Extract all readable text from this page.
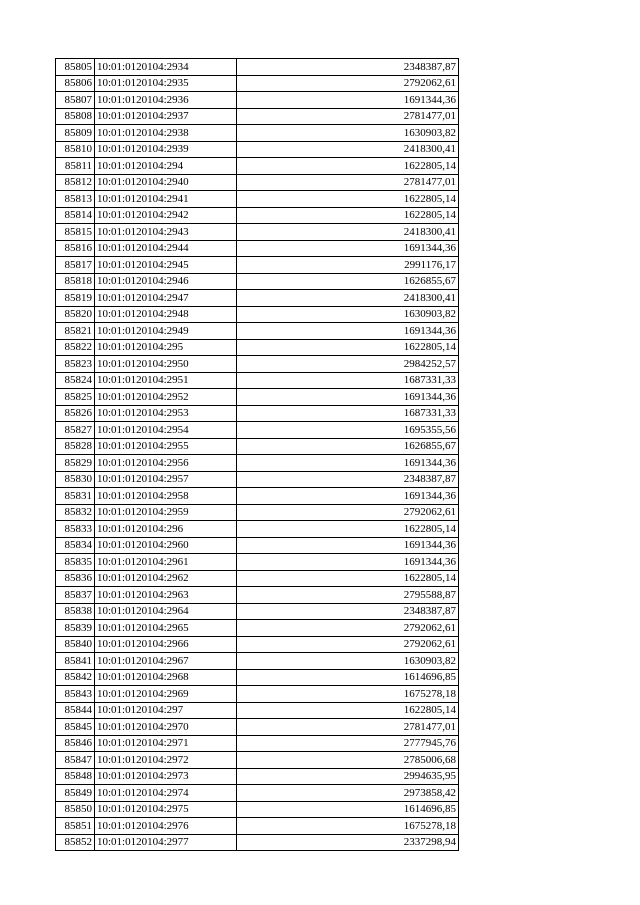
85805	10:01:0120104:2934	2348387,87
85806	10:01:0120104:2935	2792062,61
85807	10:01:0120104:2936	1691344,36
85808	10:01:0120104:2937	2781477,01
85809	10:01:0120104:2938	1630903,82
85810	10:01:0120104:2939	2418300,41
85811	10:01:0120104:294	1622805,14
85812	10:01:0120104:2940	2781477,01
85813	10:01:0120104:2941	1622805,14
85814	10:01:0120104:2942	1622805,14
85815	10:01:0120104:2943	2418300,41
85816	10:01:0120104:2944	1691344,36
85817	10:01:0120104:2945	2991176,17
85818	10:01:0120104:2946	1626855,67
85819	10:01:0120104:2947	2418300,41
85820	10:01:0120104:2948	1630903,82
85821	10:01:0120104:2949	1691344,36
85822	10:01:0120104:295	1622805,14
85823	10:01:0120104:2950	2984252,57
85824	10:01:0120104:2951	1687331,33
85825	10:01:0120104:2952	1691344,36
85826	10:01:0120104:2953	1687331,33
85827	10:01:0120104:2954	1695355,56
85828	10:01:0120104:2955	1626855,67
85829	10:01:0120104:2956	1691344,36
85830	10:01:0120104:2957	2348387,87
85831	10:01:0120104:2958	1691344,36
85832	10:01:0120104:2959	2792062,61
85833	10:01:0120104:296	1622805,14
85834	10:01:0120104:2960	1691344,36
85835	10:01:0120104:2961	1691344,36
85836	10:01:0120104:2962	1622805,14
85837	10:01:0120104:2963	2795588,87
85838	10:01:0120104:2964	2348387,87
85839	10:01:0120104:2965	2792062,61
85840	10:01:0120104:2966	2792062,61
85841	10:01:0120104:2967	1630903,82
85842	10:01:0120104:2968	1614696,85
85843	10:01:0120104:2969	1675278,18
85844	10:01:0120104:297	1622805,14
85845	10:01:0120104:2970	2781477,01
85846	10:01:0120104:2971	2777945,76
85847	10:01:0120104:2972	2785006,68
85848	10:01:0120104:2973	2994635,95
85849	10:01:0120104:2974	2973858,42
85850	10:01:0120104:2975	1614696,85
85851	10:01:0120104:2976	1675278,18
85852	10:01:0120104:2977	2337298,94
